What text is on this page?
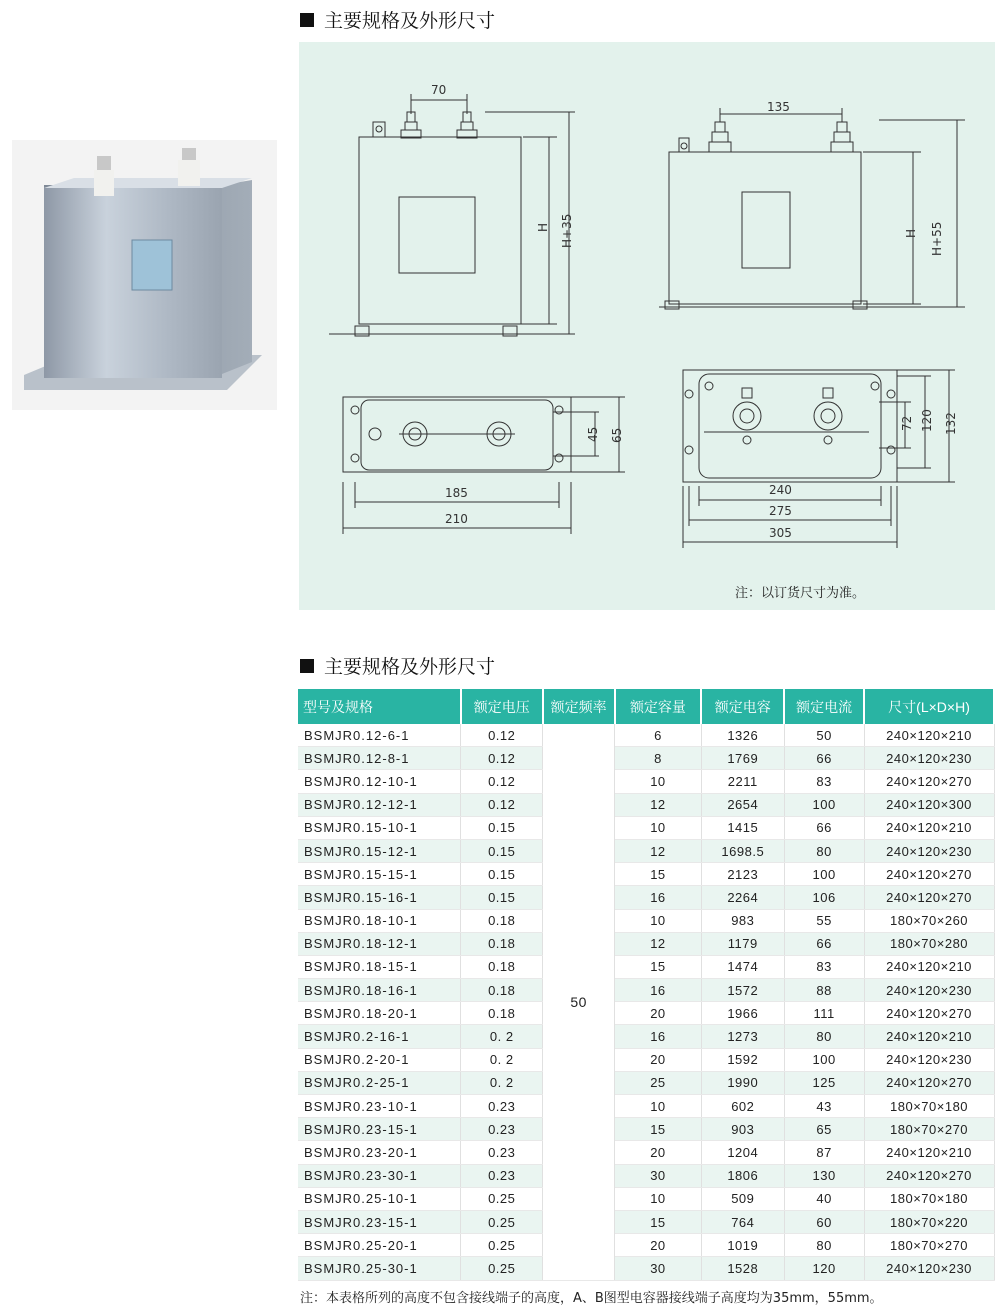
主要规格及外形尺寸
70
H H+35
135
H H+55
45 65
185
210
72 120 132
240
275
305
注：以订货尺寸为准。
主要规格及外形尺寸
型号及规格	额定电压	额定频率	额定容量	额定电容	额定电流	尺寸(L×D×H)
BSMJR0.12-6-1	0.12	50	6	1326	50	240×120×210
BSMJR0.12-8-1	0.12		8	1769	66	240×120×230
BSMJR0.12-10-1	0.12		10	2211	83	240×120×270
BSMJR0.12-12-1	0.12		12	2654	100	240×120×300
BSMJR0.15-10-1	0.15		10	1415	66	240×120×210
BSMJR0.15-12-1	0.15		12	1698.5	80	240×120×230
BSMJR0.15-15-1	0.15		15	2123	100	240×120×270
BSMJR0.15-16-1	0.15		16	2264	106	240×120×270
BSMJR0.18-10-1	0.18		10	983	55	180×70×260
BSMJR0.18-12-1	0.18		12	1179	66	180×70×280
BSMJR0.18-15-1	0.18		15	1474	83	240×120×210
BSMJR0.18-16-1	0.18		16	1572	88	240×120×230
BSMJR0.18-20-1	0.18		20	1966	111	240×120×270
BSMJR0.2-16-1	0. 2		16	1273	80	240×120×210
BSMJR0.2-20-1	0. 2		20	1592	100	240×120×230
BSMJR0.2-25-1	0. 2		25	1990	125	240×120×270
BSMJR0.23-10-1	0.23		10	602	43	180×70×180
BSMJR0.23-15-1	0.23		15	903	65	180×70×270
BSMJR0.23-20-1	0.23		20	1204	87	240×120×210
BSMJR0.23-30-1	0.23		30	1806	130	240×120×270
BSMJR0.25-10-1	0.25		10	509	40	180×70×180
BSMJR0.23-15-1	0.25		15	764	60	180×70×220
BSMJR0.25-20-1	0.25		20	1019	80	180×70×270
BSMJR0.25-30-1	0.25		30	1528	120	240×120×230
注：本表格所列的高度不包含接线端子的高度，A、B图型电容器接线端子高度均为35mm，55mm。
